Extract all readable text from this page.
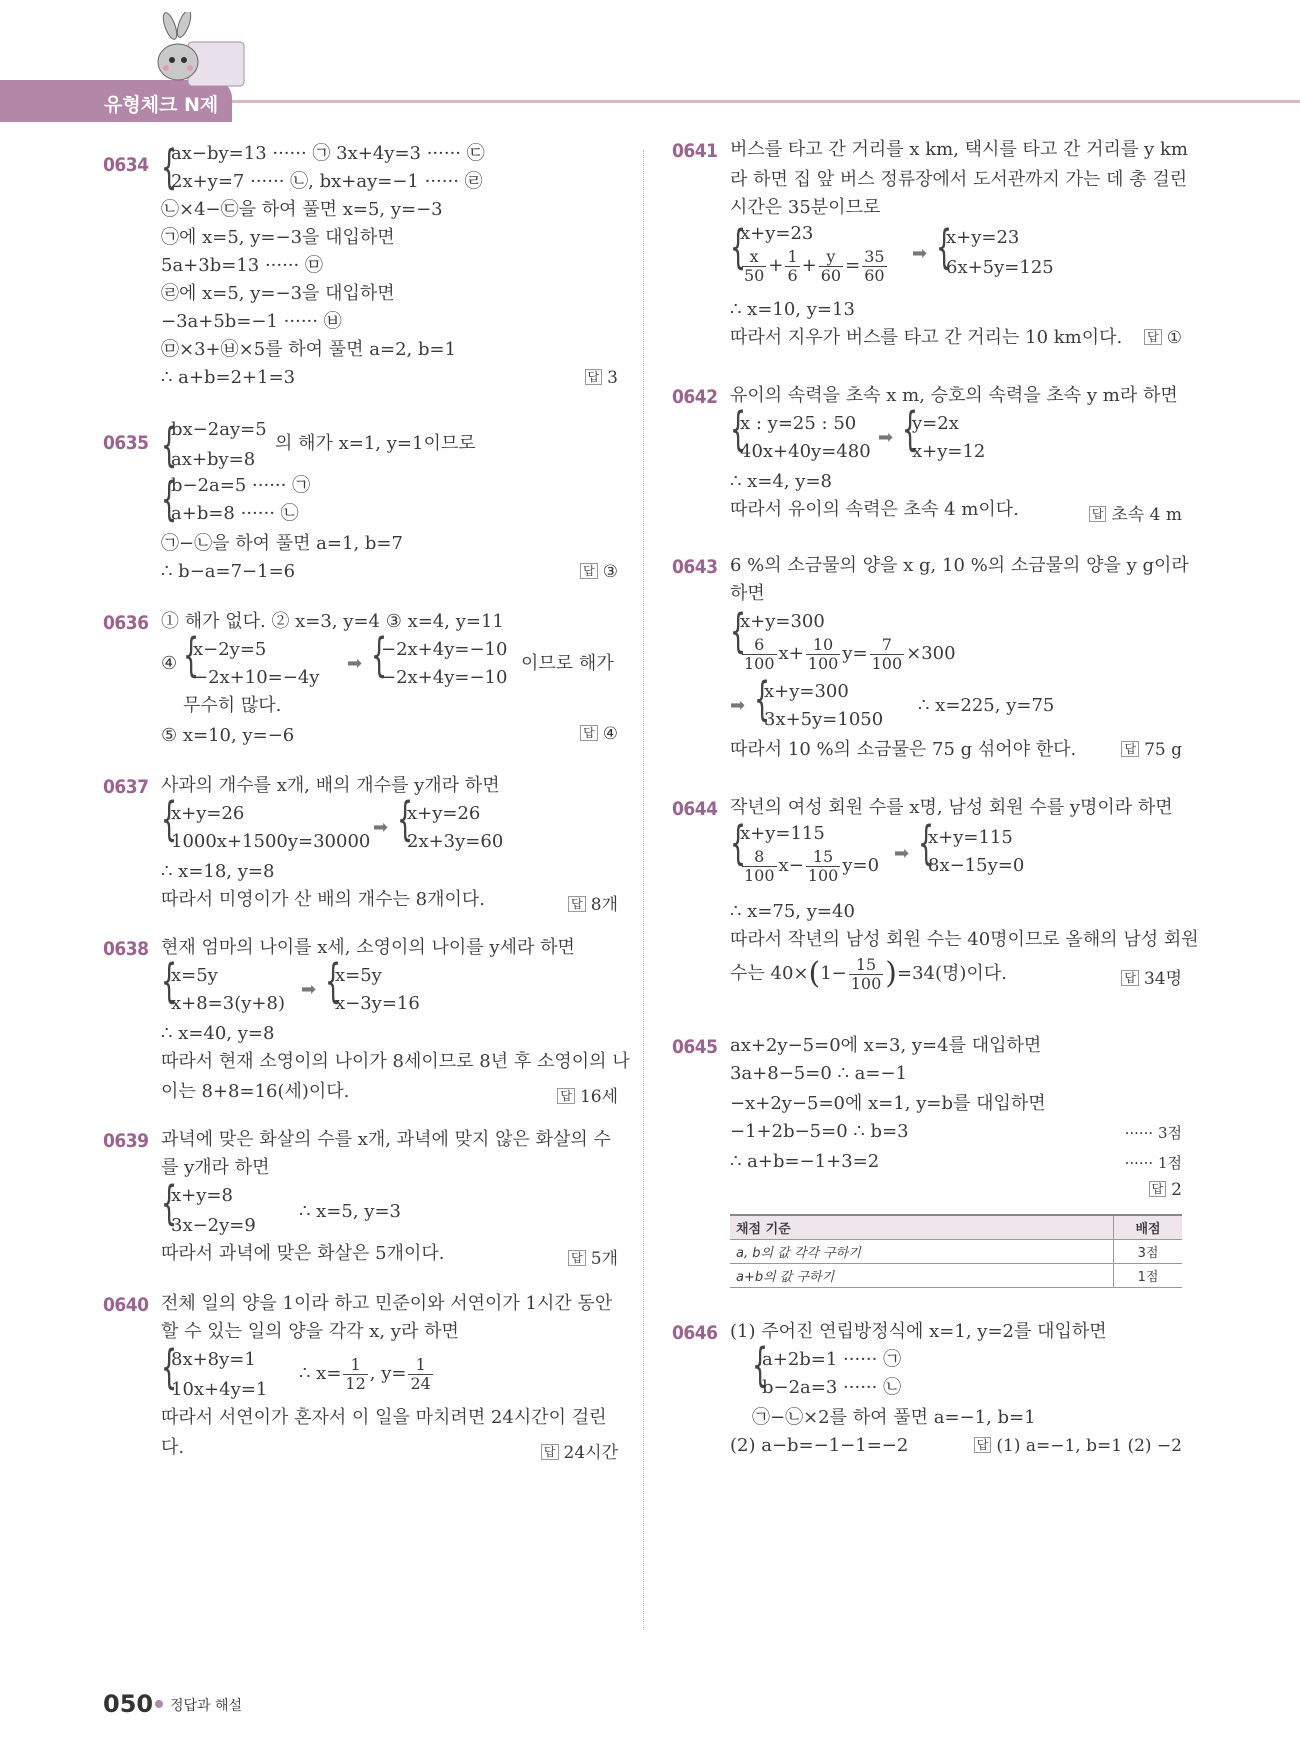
유형체크 N제
0634 {
ax−by=13 ······ ㉠ 3x+4y=3 ······ ㉢
2x+y=7 ······ ㉡, bx+ay=−1 ······ ㉣
㉡×4−㉢을 하여 풀면 x=5, y=−3
㉠에 x=5, y=−3을 대입하면
5a+3b=13 ······ ㉤
㉣에 x=5, y=−3을 대입하면
−3a+5b=−1 ······ ㉥
㉤×3+㉥×5를 하여 풀면 a=2, b=1
∴ a+b=2+1=3	답 3
0635 {
bx−2ay=5
ax+by=8
의 해가 x=1, y=1이므로
{
b−2a=5 ······ ㉠
a+b=8 ······ ㉡
㉠−㉡을 하여 풀면 a=1, b=7
∴ b−a=7−1=6	답 ③
0636 ① 해가 없다. ② x=3, y=4 ③ x=4, y=11
④ {
x−2y=5
−2x+10=−4y
➡ {
−2x+4y=−10
−2x+4y=−10
이므로 해가
무수히 많다.
⑤ x=10, y=−6	답 ④
0637 사과의 개수를 x개, 배의 개수를 y개라 하면
{
x+y=26
1000x+1500y=30000
➡ {
x+y=26
2x+3y=60
∴ x=18, y=8
따라서 미영이가 산 배의 개수는 8개이다.	답 8개
0638 현재 엄마의 나이를 x세, 소영이의 나이를 y세라 하면
{
x=5y
x+8=3(y+8)
➡ {
x=5y
x−3y=16
∴ x=40, y=8
따라서 현재 소영이의 나이가 8세이므로 8년 후 소영이의 나
이는 8+8=16(세)이다.	답 16세
0639 과녁에 맞은 화살의 수를 x개, 과녁에 맞지 않은 화살의 수
를 y개라 하면
{
x+y=8
3x−2y=9
∴ x=5, y=3
따라서 과녁에 맞은 화살은 5개이다.	답 5개
0640 전체 일의 양을 1이라 하고 민준이와 서연이가 1시간 동안
할 수 있는 일의 양을 각각 x, y라 하면
{
8x+8y=1
10x+4y=1
∴ $x= \frac{1}{12}$ , $y= \frac{1}{24}$
따라서 서연이가 혼자서 이 일을 마치려면 24시간이 걸린
다.	답 24시간
0641 버스를 타고 간 거리를 x km, 택시를 타고 간 거리를 y km
라 하면 집 앞 버스 정류장에서 도서관까지 가는 데 총 걸린
시간은 35분이므로
{
x+y=23
$\frac{x}{50} + \frac{1}{6} + \frac{y}{60} = \frac{35}{60}$ ➡ {
x+y=23
6x+5y=125
∴ x=10, y=13
따라서 지우가 버스를 타고 간 거리는 10 km이다. 답 ①
0642 유이의 속력을 초속 x m, 승호의 속력을 초속 y m라 하면
{
x : y=25 : 50
40x+40y=480
➡ {
y=2x
x+y=12
∴ x=4, y=8
따라서 유이의 속력은 초속 4 m이다.	답 초속 4 m
0643 6 %의 소금물의 양을 x g, 10 %의 소금물의 양을 y g이라
하면
{
x+y=300
$\frac{6}{100} x+ \frac{10}{100} y= \frac{7}{100} \times 300$
➡ {
x+y=300
3x+5y=1050
∴ x=225, y=75
따라서 10 %의 소금물은 75 g 섞어야 한다.	답 75 g
0644 작년의 여성 회원 수를 x명, 남성 회원 수를 y명이라 하면
{
x+y=115
$\frac{8}{100} x- \frac{15}{100} y=0$
➡ {
x+y=115
8x−15y=0
∴ x=75, y=40
따라서 작년의 남성 회원 수는 40명이므로 올해의 남성 회원
수는 $40\times(1- \frac{15}{100} )=34$(명)이다.	답 34명
0645 ax+2y−5=0에 x=3, y=4를 대입하면
3a+8−5=0 ∴ a=−1
−x+2y−5=0에 x=1, y=b를 대입하면
−1+2b−5=0 ∴ b=3	······ 3점
∴ a+b=−1+3=2	······ 1점
답 2
채점 기준	배점
a, b의 값 각각 구하기	3점
a+b의 값 구하기	1점
0646 (1) 주어진 연립방정식에 x=1, y=2를 대입하면
{
a+2b=1 ······ ㉠
b−2a=3 ······ ㉡
㉠−㉡×2를 하여 풀면 a=−1, b=1
(2) a−b=−1−1=−2	답 (1) a=−1, b=1 (2) −2
050 정답과 해설
